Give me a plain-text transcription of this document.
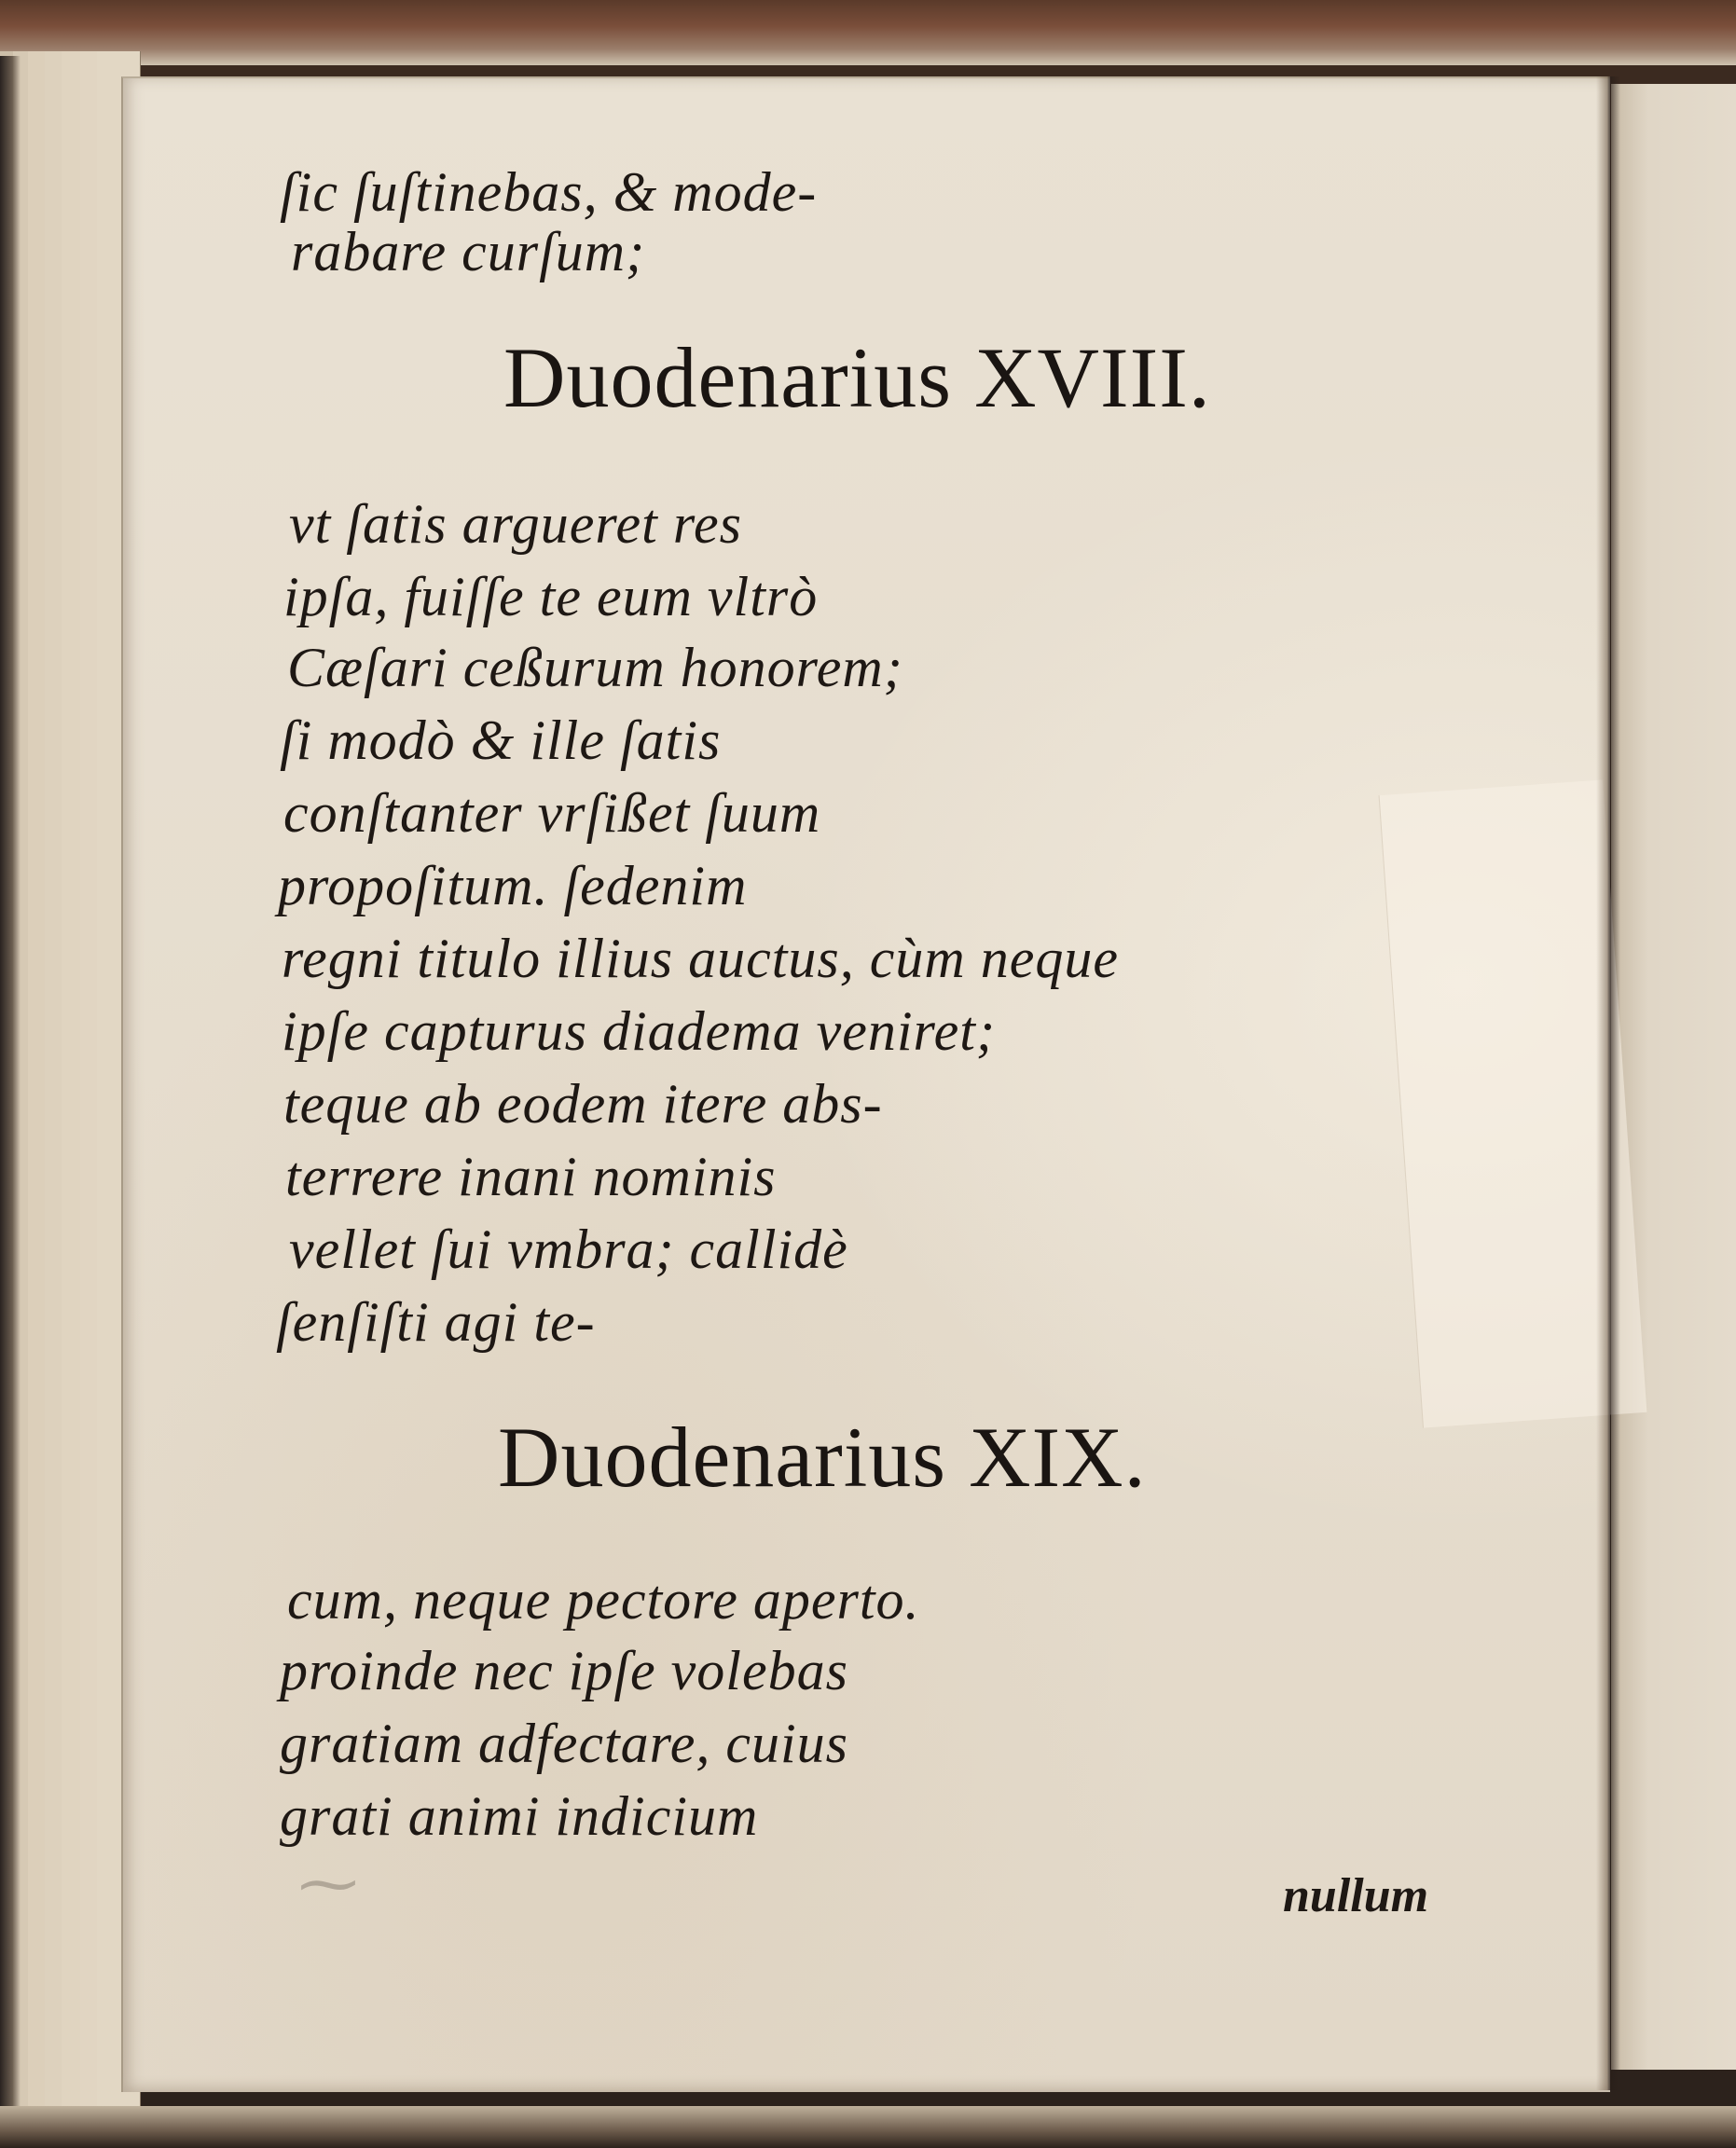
ſic ſuſtinebas, & mode-

rabare curſum;

Duodenarius XVIII.

vt ſatis argueret res

ipſa, fuiſſe te eum vltrò

Cæſari ceßurum honorem;

ſi modò & ille ſatis

conſtanter vrſißet ſuum

propoſitum. ſedenim

regni titulo illius auctus, cùm neque

ipſe capturus diadema veniret;

teque ab eodem itere abs-

terrere inani nominis

vellet ſui vmbra; callidè

ſenſiſti agi te-

Duodenarius XIX.

cum, neque pectore aperto.

proinde nec ipſe volebas

gratiam adfectare, cuius

grati animi indicium

nullum

⁓
